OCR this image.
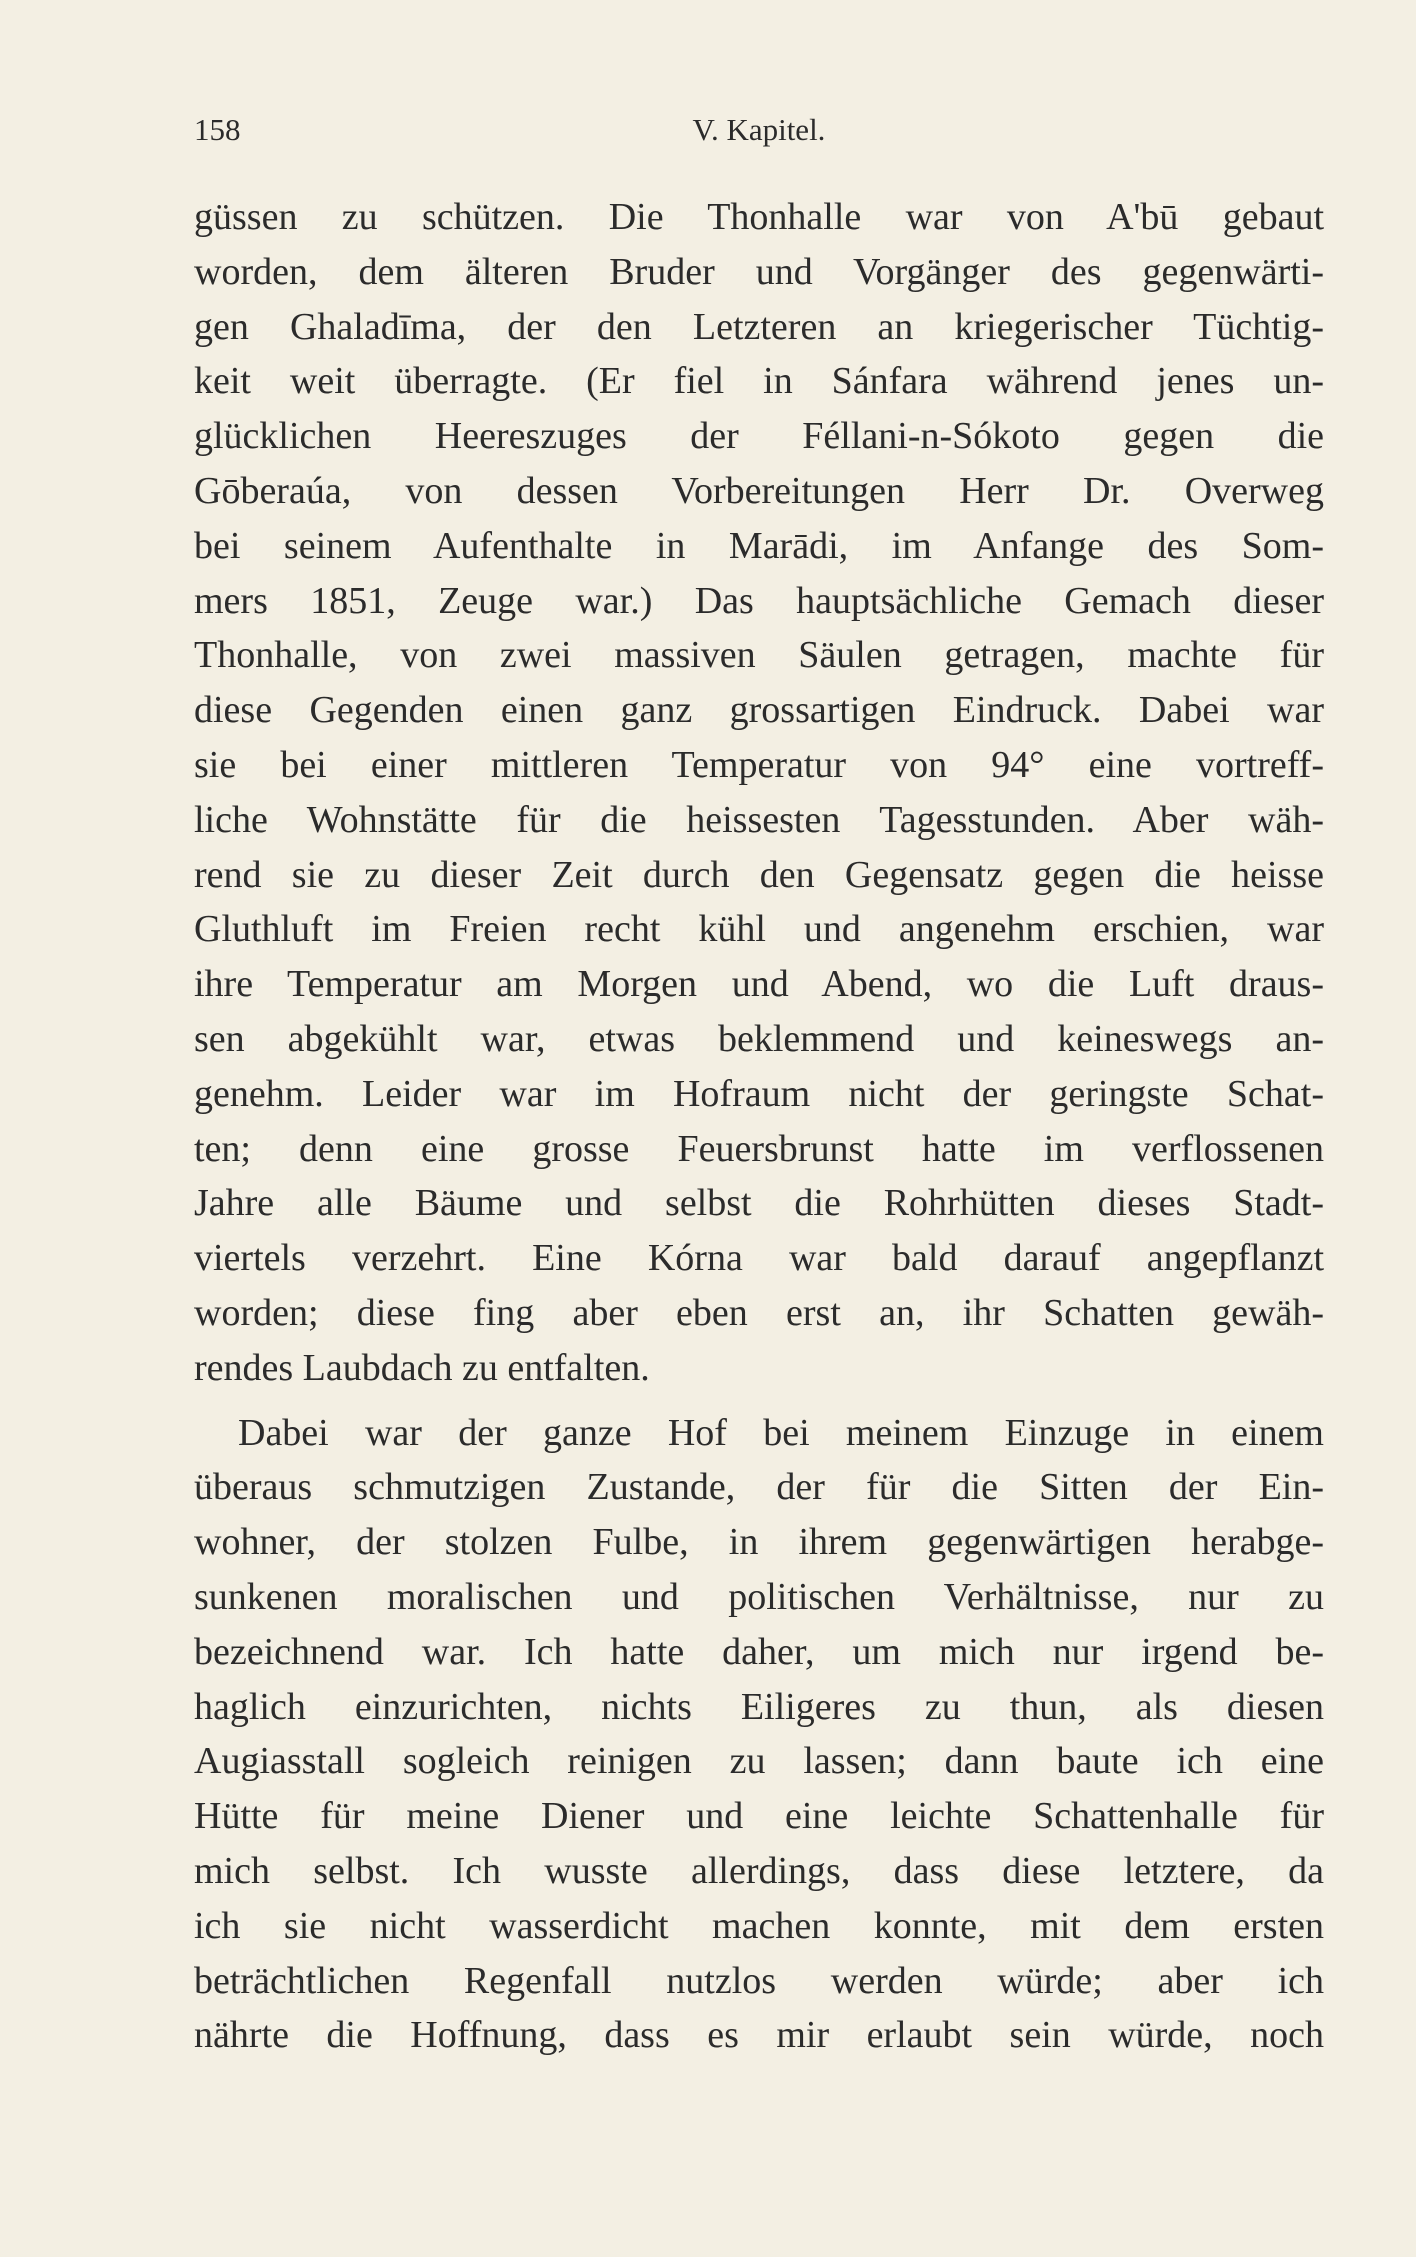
158	V. Kapitel.
güssen zu schützen. Die Thonhalle war von A'bū gebaut
worden, dem älteren Bruder und Vorgänger des gegenwärti-
gen Ghaladīma, der den Letzteren an kriegerischer Tüchtig-
keit weit überragte. (Er fiel in Sánfara während jenes un-
glücklichen Heereszuges der Féllani-n-Sókoto gegen die
Gōberaúa, von dessen Vorbereitungen Herr Dr. Overweg
bei seinem Aufenthalte in Marādi, im Anfange des Som-
mers 1851, Zeuge war.) Das hauptsächliche Gemach dieser
Thonhalle, von zwei massiven Säulen getragen, machte für
diese Gegenden einen ganz grossartigen Eindruck. Dabei war
sie bei einer mittleren Temperatur von 94° eine vortreff-
liche Wohnstätte für die heissesten Tagesstunden. Aber wäh-
rend sie zu dieser Zeit durch den Gegensatz gegen die heisse
Gluthluft im Freien recht kühl und angenehm erschien, war
ihre Temperatur am Morgen und Abend, wo die Luft draus-
sen abgekühlt war, etwas beklemmend und keineswegs an-
genehm. Leider war im Hofraum nicht der geringste Schat-
ten; denn eine grosse Feuersbrunst hatte im verflossenen
Jahre alle Bäume und selbst die Rohrhütten dieses Stadt-
viertels verzehrt. Eine Kórna war bald darauf angepflanzt
worden; diese fing aber eben erst an, ihr Schatten gewäh-
rendes Laubdach zu entfalten.
Dabei war der ganze Hof bei meinem Einzuge in einem
überaus schmutzigen Zustande, der für die Sitten der Ein-
wohner, der stolzen Fulbe, in ihrem gegenwärtigen herabge-
sunkenen moralischen und politischen Verhältnisse, nur zu
bezeichnend war. Ich hatte daher, um mich nur irgend be-
haglich einzurichten, nichts Eiligeres zu thun, als diesen
Augiasstall sogleich reinigen zu lassen; dann baute ich eine
Hütte für meine Diener und eine leichte Schattenhalle für
mich selbst. Ich wusste allerdings, dass diese letztere, da
ich sie nicht wasserdicht machen konnte, mit dem ersten
beträchtlichen Regenfall nutzlos werden würde; aber ich
nährte die Hoffnung, dass es mir erlaubt sein würde, noch
